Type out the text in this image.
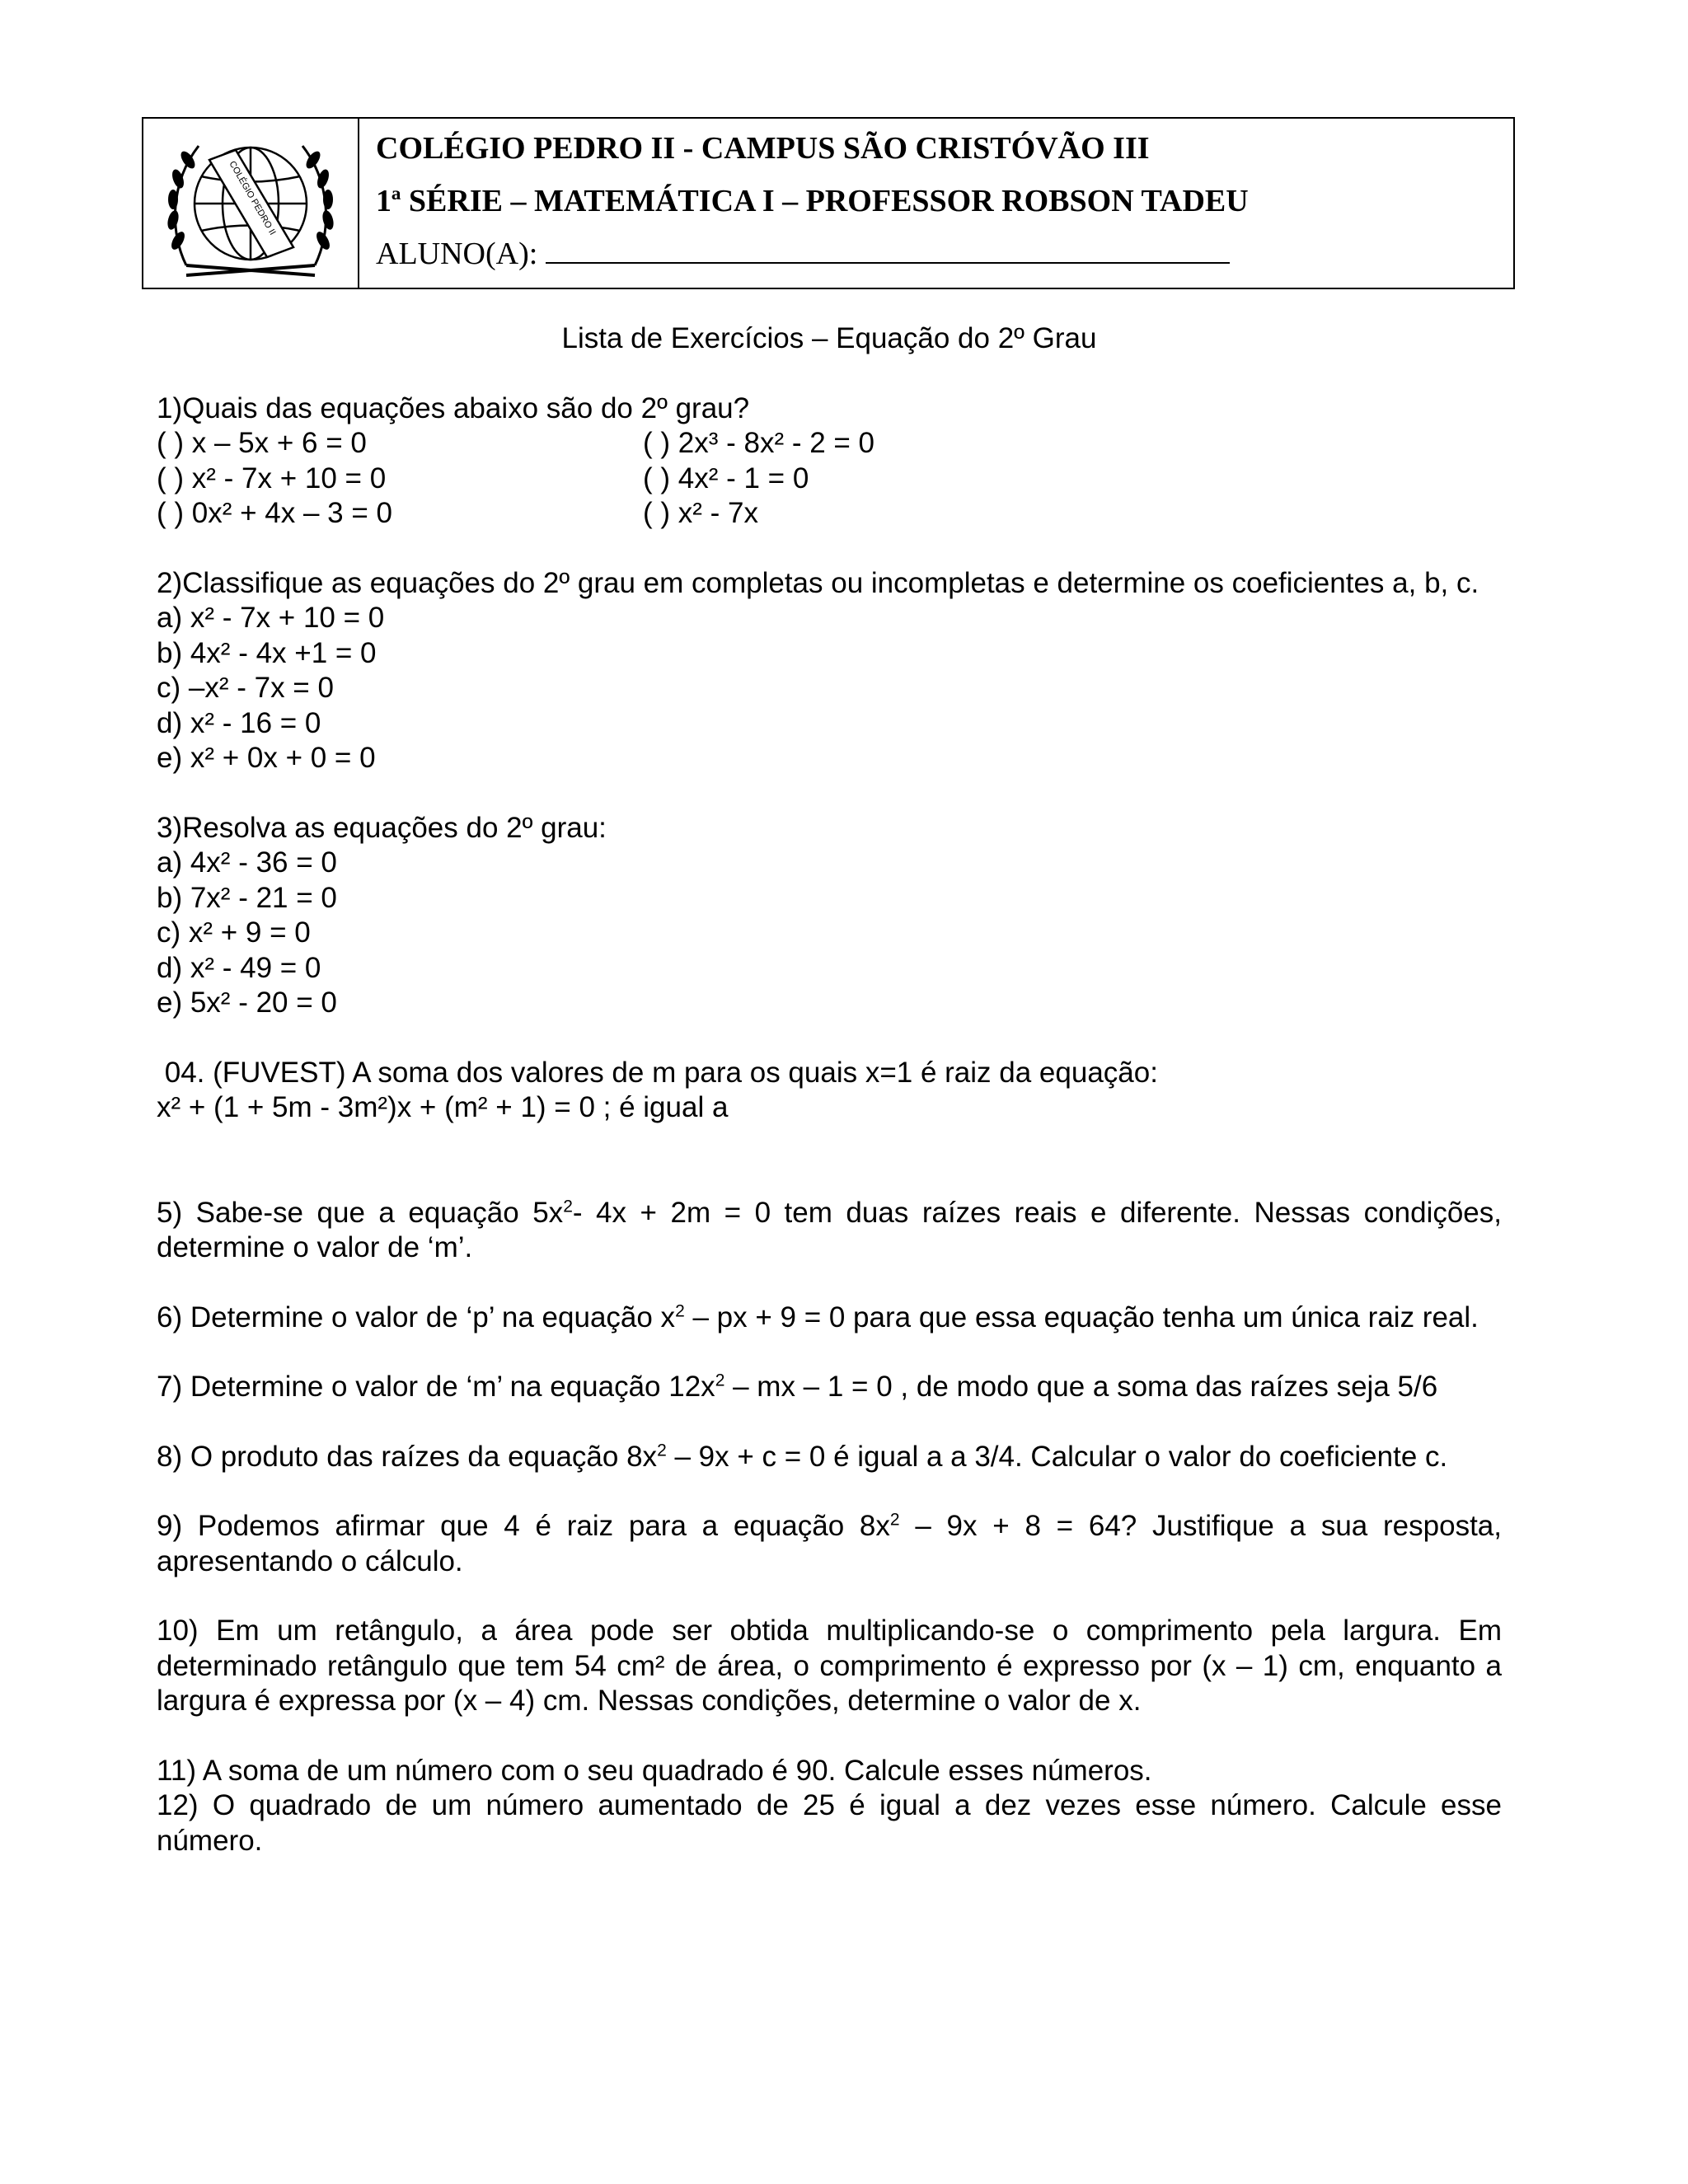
COLÉGIO PEDRO II
COLÉGIO PEDRO II - CAMPUS SÃO CRISTÓVÃO III
1ª SÉRIE – MATEMÁTICA I – PROFESSOR ROBSON TADEU
ALUNO(A):
Lista de Exercícios – Equação do 2º Grau
1)Quais das equações abaixo são do 2º grau?
( ) x – 5x + 6 = 0
( ) x² - 7x + 10 = 0
( ) 0x² + 4x – 3 = 0
( ) 2x³ - 8x² - 2 = 0
( ) 4x² - 1 = 0
( ) x² - 7x
2)Classifique as equações do 2º grau em completas ou incompletas e determine os coeficientes a, b, c.
a) x² - 7x + 10 = 0
b) 4x² - 4x +1 = 0
c) –x² - 7x = 0
d) x² - 16 = 0
e) x² + 0x + 0 = 0
3)Resolva as equações do 2º grau:
a) 4x² - 36 = 0
b) 7x² - 21 = 0
c) x² + 9 = 0
d) x² - 49 = 0
e) 5x² - 20 = 0
04. (FUVEST) A soma dos valores de m para os quais x=1 é raiz da equação:
x² + (1 + 5m - 3m²)x + (m² + 1) = 0 ; é igual a
5) Sabe-se que a equação $5x^2-$ 4x + 2m = 0 tem duas raízes reais e diferente. Nessas condições, determine o valor de ‘m’.
6) Determine o valor de ‘p’ na equação $x^2$ – px + 9 = 0 para que essa equação tenha um única raiz real.
7) Determine o valor de ‘m’ na equação $12x^2$ – mx – 1 = 0 , de modo que a soma das raízes seja 5/6
8) O produto das raízes da equação $8x^2 - 9x + c = 0$ é igual a a 3/4. Calcular o valor do coeficiente c.
9) Podemos afirmar que 4 é raiz para a equação $8x^2 - 9x + 8 = 64$? Justifique a sua resposta, apresentando o cálculo.
10) Em um retângulo, a área pode ser obtida multiplicando-se o comprimento pela largura. Em determinado retângulo que tem 54 cm² de área, o comprimento é expresso por (x – 1) cm, enquanto a largura é expressa por (x – 4) cm. Nessas condições, determine o valor de x.
11) A soma de um número com o seu quadrado é 90. Calcule esses números.
12) O quadrado de um número aumentado de 25 é igual a dez vezes esse número. Calcule esse número.
